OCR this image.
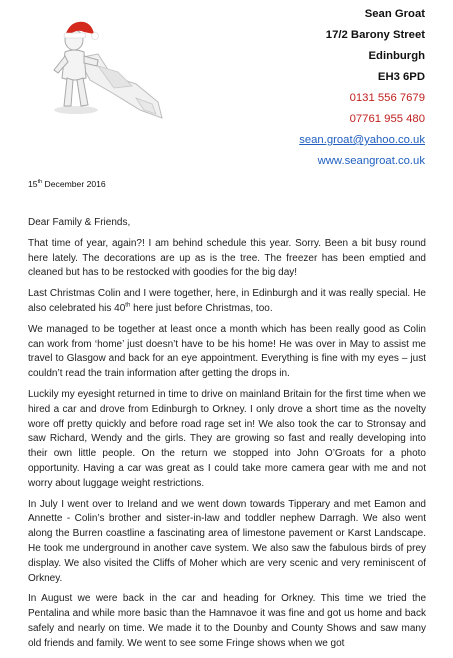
Sean Groat
17/2 Barony Street
Edinburgh
EH3 6PD
0131 556 7679
07761 955 480
sean.groat@yahoo.co.uk
www.seangroat.co.uk
15th December 2016

Dear Family & Friends,

That time of year, again?! I am behind schedule this year. Sorry. Been a bit busy round here lately. The decorations are up as is the tree. The freezer has been emptied and cleaned but has to be restocked with goodies for the big day!

Last Christmas Colin and I were together, here, in Edinburgh and it was really special. He also celebrated his 40th here just before Christmas, too.

We managed to be together at least once a month which has been really good as Colin can work from ‘home’ just doesn’t have to be his home! He was over in May to assist me travel to Glasgow and back for an eye appointment. Everything is fine with my eyes – just couldn’t read the train information after getting the drops in.

Luckily my eyesight returned in time to drive on mainland Britain for the first time when we hired a car and drove from Edinburgh to Orkney. I only drove a short time as the novelty wore off pretty quickly and before road rage set in! We also took the car to Stronsay and saw Richard, Wendy and the girls. They are growing so fast and really developing into their own little people. On the return we stopped into John O’Groats for a photo opportunity. Having a car was great as I could take more camera gear with me and not worry about luggage weight restrictions.

In July I went over to Ireland and we went down towards Tipperary and met Eamon and Annette - Colin’s brother and sister-in-law and toddler nephew Darragh. We also went along the Burren coastline a fascinating area of limestone pavement or Karst Landscape. He took me underground in another cave system. We also saw the fabulous birds of prey display. We also visited the Cliffs of Moher which are very scenic and very reminiscent of Orkney.

In August we were back in the car and heading for Orkney. This time we tried the Pentalina and while more basic than the Hamnavoe it was fine and got us home and back safely and nearly on time. We made it to the Dounby and County Shows and saw many old friends and family. We went to see some Fringe shows when we got
